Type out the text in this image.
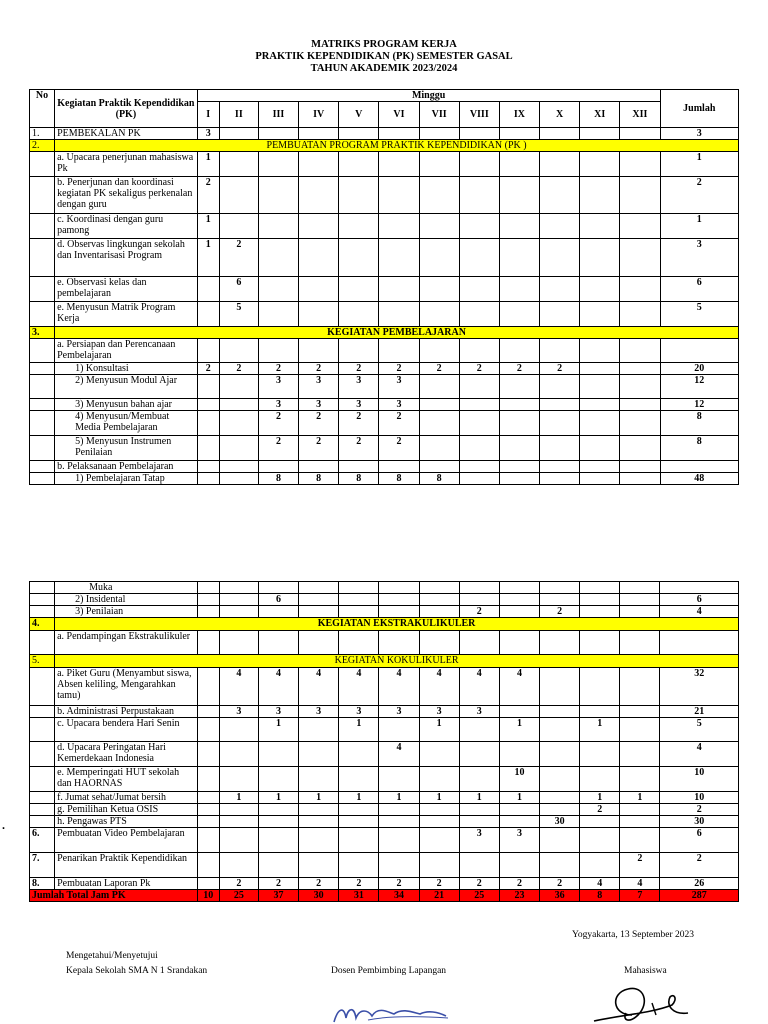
MATRIKS PROGRAM KERJA
PRAKTIK KEPENDIDIKAN (PK) SEMESTER GASAL
TAHUN AKADEMIK 2023/2024
No	Kegiatan Praktik Kependidikan (PK)	Minggu												Jumlah
		I	II	III	IV	V	VI	VII	VIII	IX	X	XI	XII	
1.	PEMBEKALAN PK	3												3
2.	PEMBUATAN PROGRAM PRAKTIK KEPENDIDIKAN (PK )													
	a. Upacara penerjunan mahasiswa Pk	1												1
	b. Penerjunan dan koordinasi kegiatan PK sekaligus perkenalan dengan guru	2												2
	c. Koordinasi dengan guru pamong	1												1
	d. Observas lingkungan sekolah dan Inventarisasi Program	1	2											3
	e. Observasi kelas dan pembelajaran		6											6
	e. Menyusun Matrik Program Kerja		5											5
3.	KEGIATAN PEMBELAJARAN													
	a. Persiapan dan Perencanaan Pembelajaran													
	1) Konsultasi	2	2	2	2	2	2	2	2	2	2			20
	2) Menyusun Modul Ajar			3	3	3	3							12
	3) Menyusun bahan ajar			3	3	3	3							12
	4) Menyusun/Membuat Media Pembelajaran			2	2	2	2							8
	5) Menyusun Instrumen Penilaian			2	2	2	2							8
	b. Pelaksanaan Pembelajaran													
	1) Pembelajaran Tatap			8	8	8	8	8						48
	Muka													
	2) Insidental			6										6
	3) Penilaian								2		2			4
4.	KEGIATAN EKSTRAKULIKULER													
	a. Pendampingan Ekstrakulikuler													
5.	KEGIATAN KOKULIKULER													
	a. Piket Guru (Menyambut siswa, Absen keliling, Mengarahkan tamu)		4	4	4	4	4	4	4	4				32
	b. Administrasi Perpustakaan		3	3	3	3	3	3	3					21
	c. Upacara bendera Hari Senin			1		1		1		1		1		5
	d. Upacara Peringatan Hari Kemerdekaan Indonesia						4							4
	e. Memperingati HUT sekolah dan HAORNAS									10				10
	f. Jumat sehat/Jumat bersih		1	1	1	1	1	1	1	1		1	1	10
	g. Pemilihan Ketua OSIS											2		2
	h. Pengawas PTS										30			30
6.	Pembuatan Video Pembelajaran								3	3				6
7.	Penarikan Praktik Kependidikan												2	2
8.	Pembuatan Laporan Pk		2	2	2	2	2	2	2	2	2	4	4	26
Jumlah Total Jam PK		10	25	37	30	31	34	21	25	23	36	8	7	287
.
Yogyakarta, 13 September 2023
Mengetahui/Menyetujui
Kepala Sekolah SMA N 1 Srandakan	Dosen Pembimbing Lapangan	Mahasiswa
